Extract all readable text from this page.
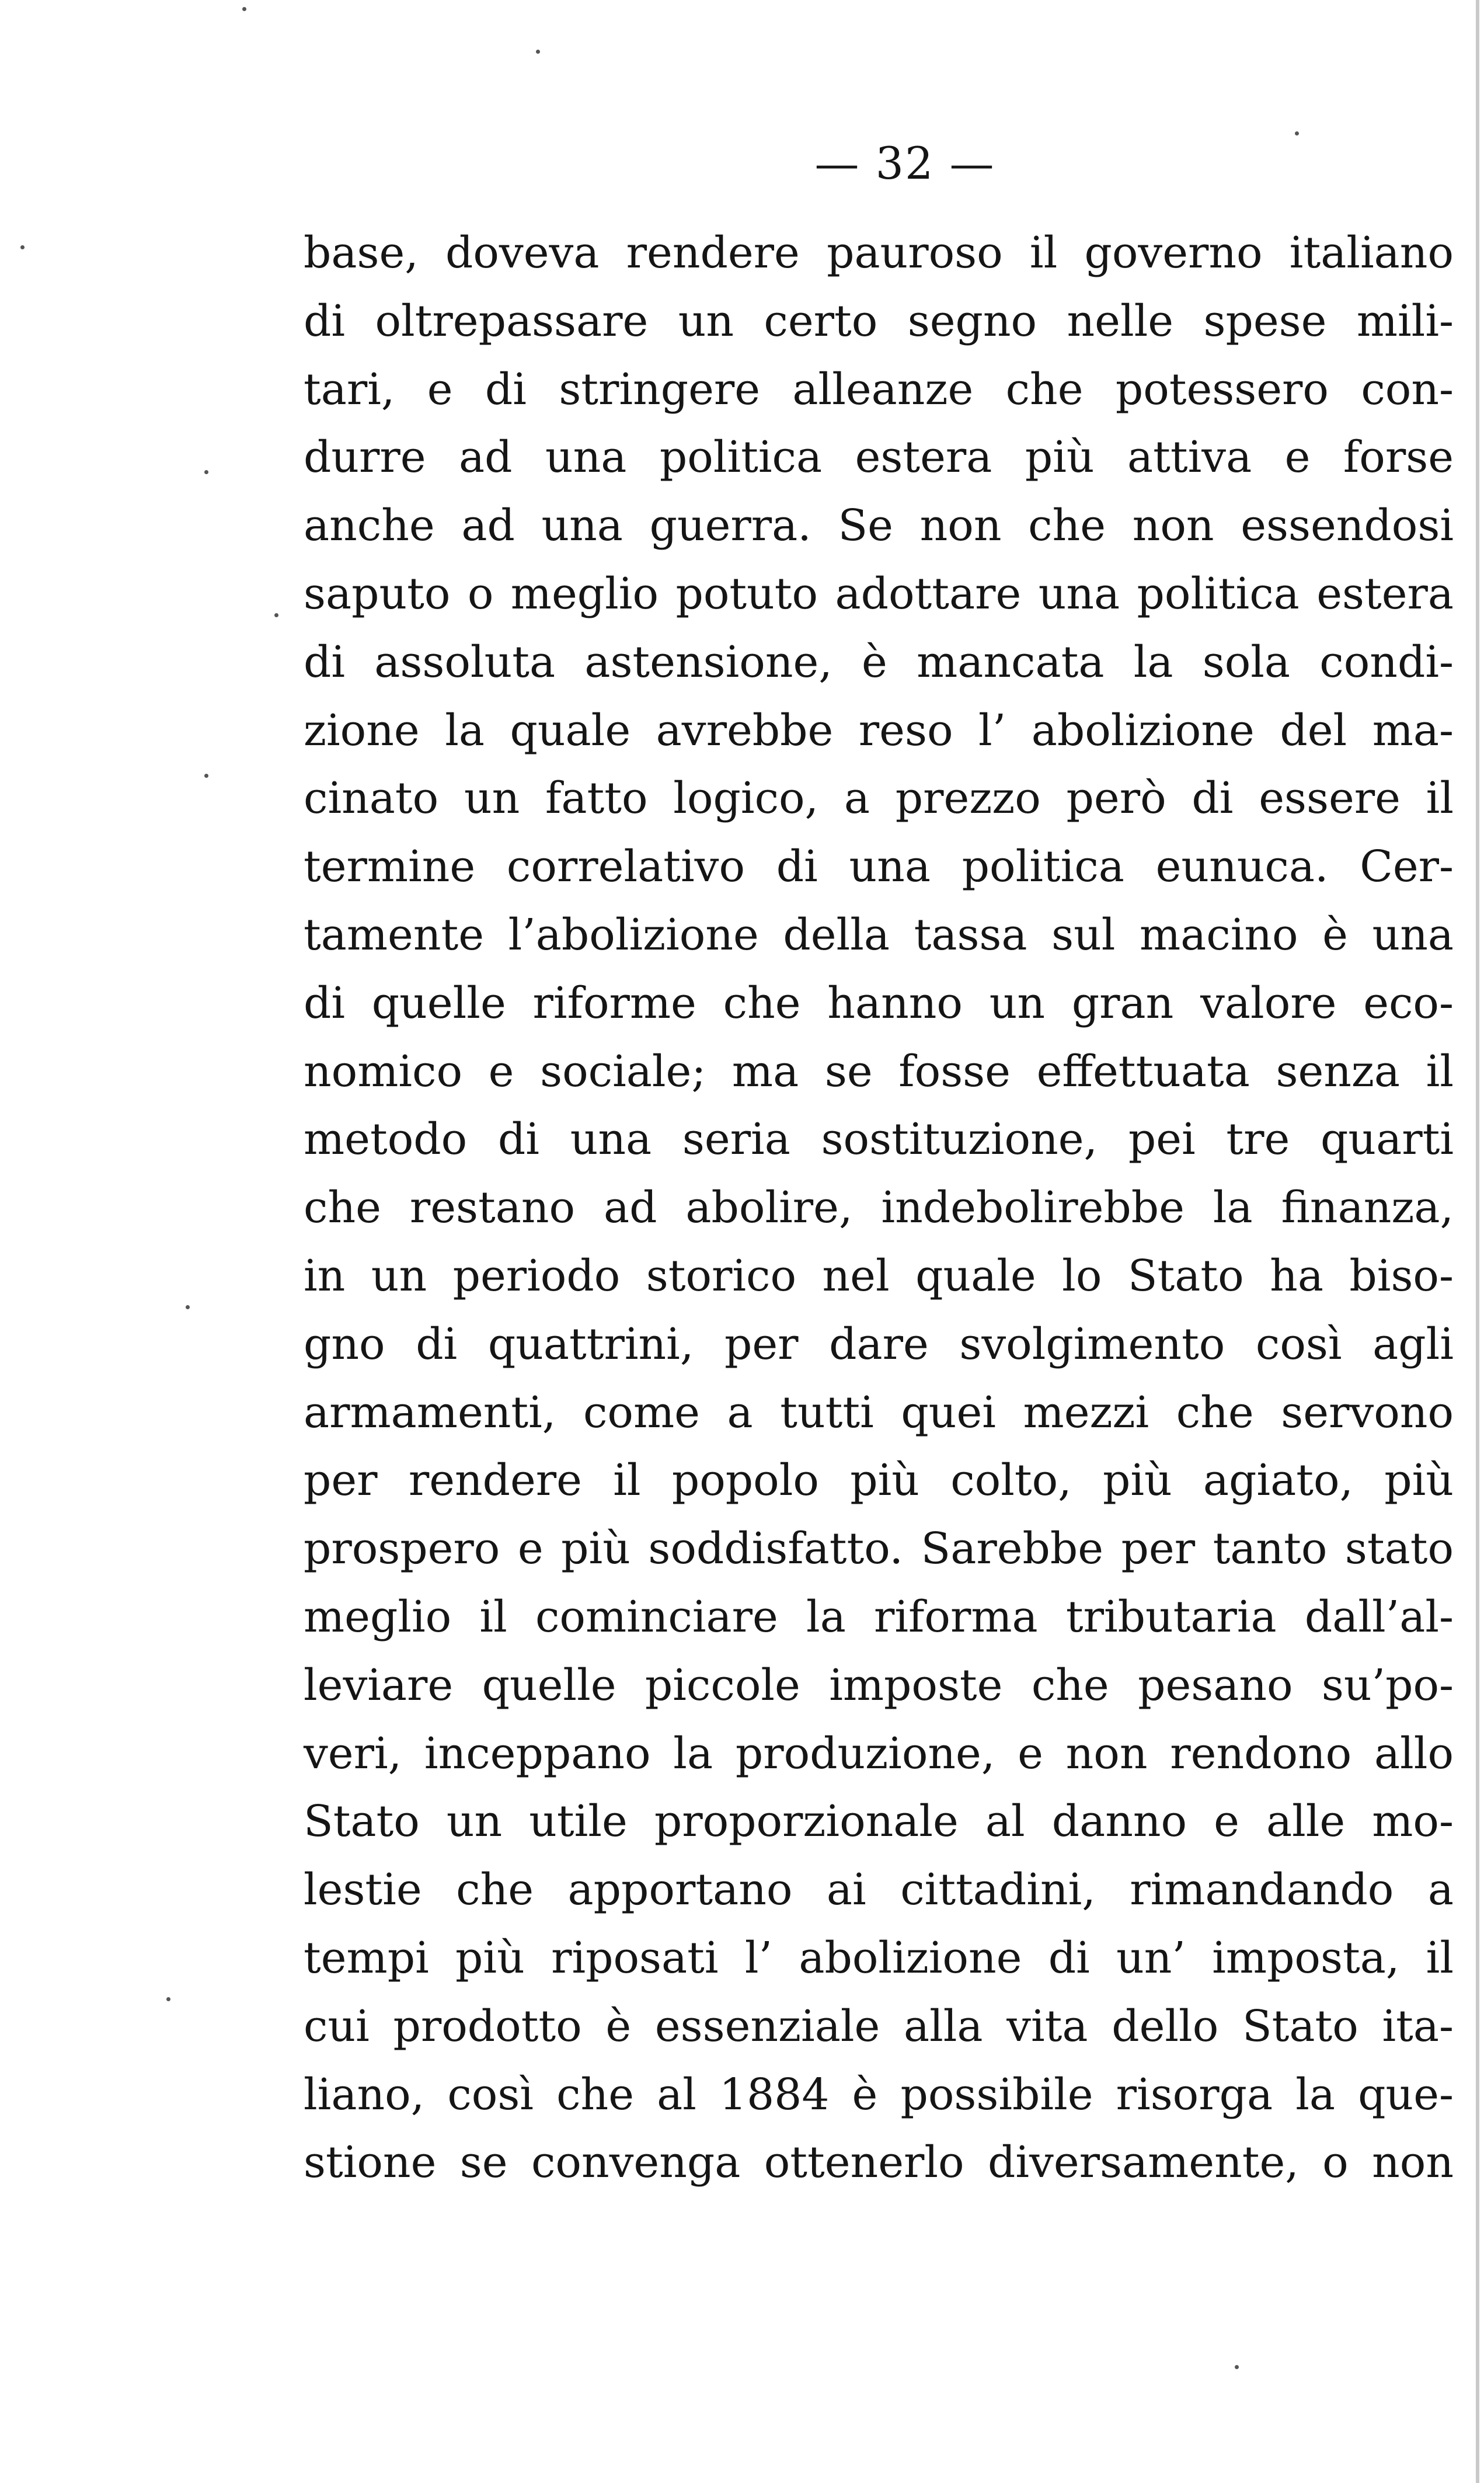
— 32 —
base, doveva rendere pauroso il governo italiano
di oltrepassare un certo segno nelle spese mili-
tari, e di stringere alleanze che potessero con-
durre ad una politica estera più attiva e forse
anche ad una guerra. Se non che non essendosi
saputo o meglio potuto adottare una politica estera
di assoluta astensione, è mancata la sola condi-
zione la quale avrebbe reso l’ abolizione del ma-
cinato un fatto logico, a prezzo però di essere il
termine correlativo di una politica eunuca. Cer-
tamente l’abolizione della tassa sul macino è una
di quelle riforme che hanno un gran valore eco-
nomico e sociale; ma se fosse effettuata senza il
metodo di una seria sostituzione, pei tre quarti
che restano ad abolire, indebolirebbe la finanza,
in un periodo storico nel quale lo Stato ha biso-
gno di quattrini, per dare svolgimento così agli
armamenti, come a tutti quei mezzi che servono
per rendere il popolo più colto, più agiato, più
prospero e più soddisfatto. Sarebbe per tanto stato
meglio il cominciare la riforma tributaria dall’al-
leviare quelle piccole imposte che pesano su’po-
veri, inceppano la produzione, e non rendono allo
Stato un utile proporzionale al danno e alle mo-
lestie che apportano ai cittadini, rimandando a
tempi più riposati l’ abolizione di un’ imposta, il
cui prodotto è essenziale alla vita dello Stato ita-
liano, così che al 1884 è possibile risorga la que-
stione se convenga ottenerlo diversamente, o non
